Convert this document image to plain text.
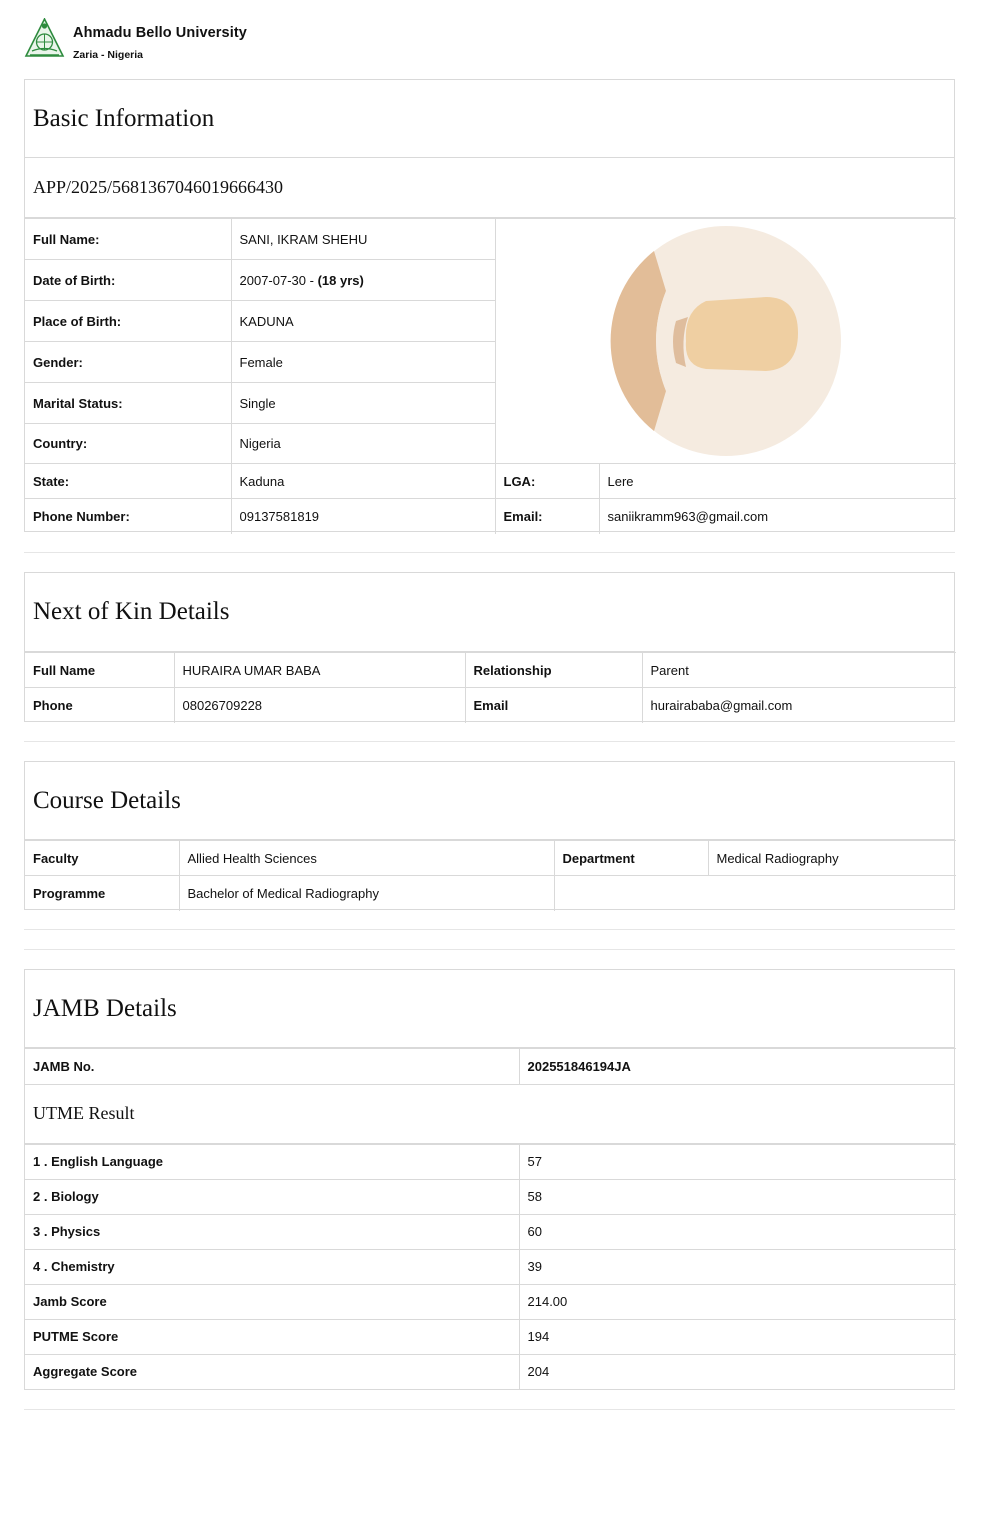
Ahmadu Bello University
Zaria - Nigeria
Basic Information
APP/2025/5681367046019666430
Full Name:	SANI, IKRAM SHEHU	

Date of Birth:	2007-07-30 - (18 yrs)		
Place of Birth:	KADUNA		
Gender:	Female		
Marital Status:	Single		
Country:	Nigeria		
State:	Kaduna	LGA:	Lere
Phone Number:	09137581819	Email:	saniikramm963@gmail.com
Next of Kin Details
Full Name	HURAIRA UMAR BABA	Relationship	Parent
Phone	08026709228	Email	hurairababa@gmail.com
Course Details
Faculty	Allied Health Sciences	Department	Medical Radiography
Programme	Bachelor of Medical Radiography		
JAMB Details
JAMB No.	202551846194JA
UTME Result
1 . English Language	57
2 . Biology	58
3 . Physics	60
4 . Chemistry	39
Jamb Score	214.00
PUTME Score	194
Aggregate Score	204
